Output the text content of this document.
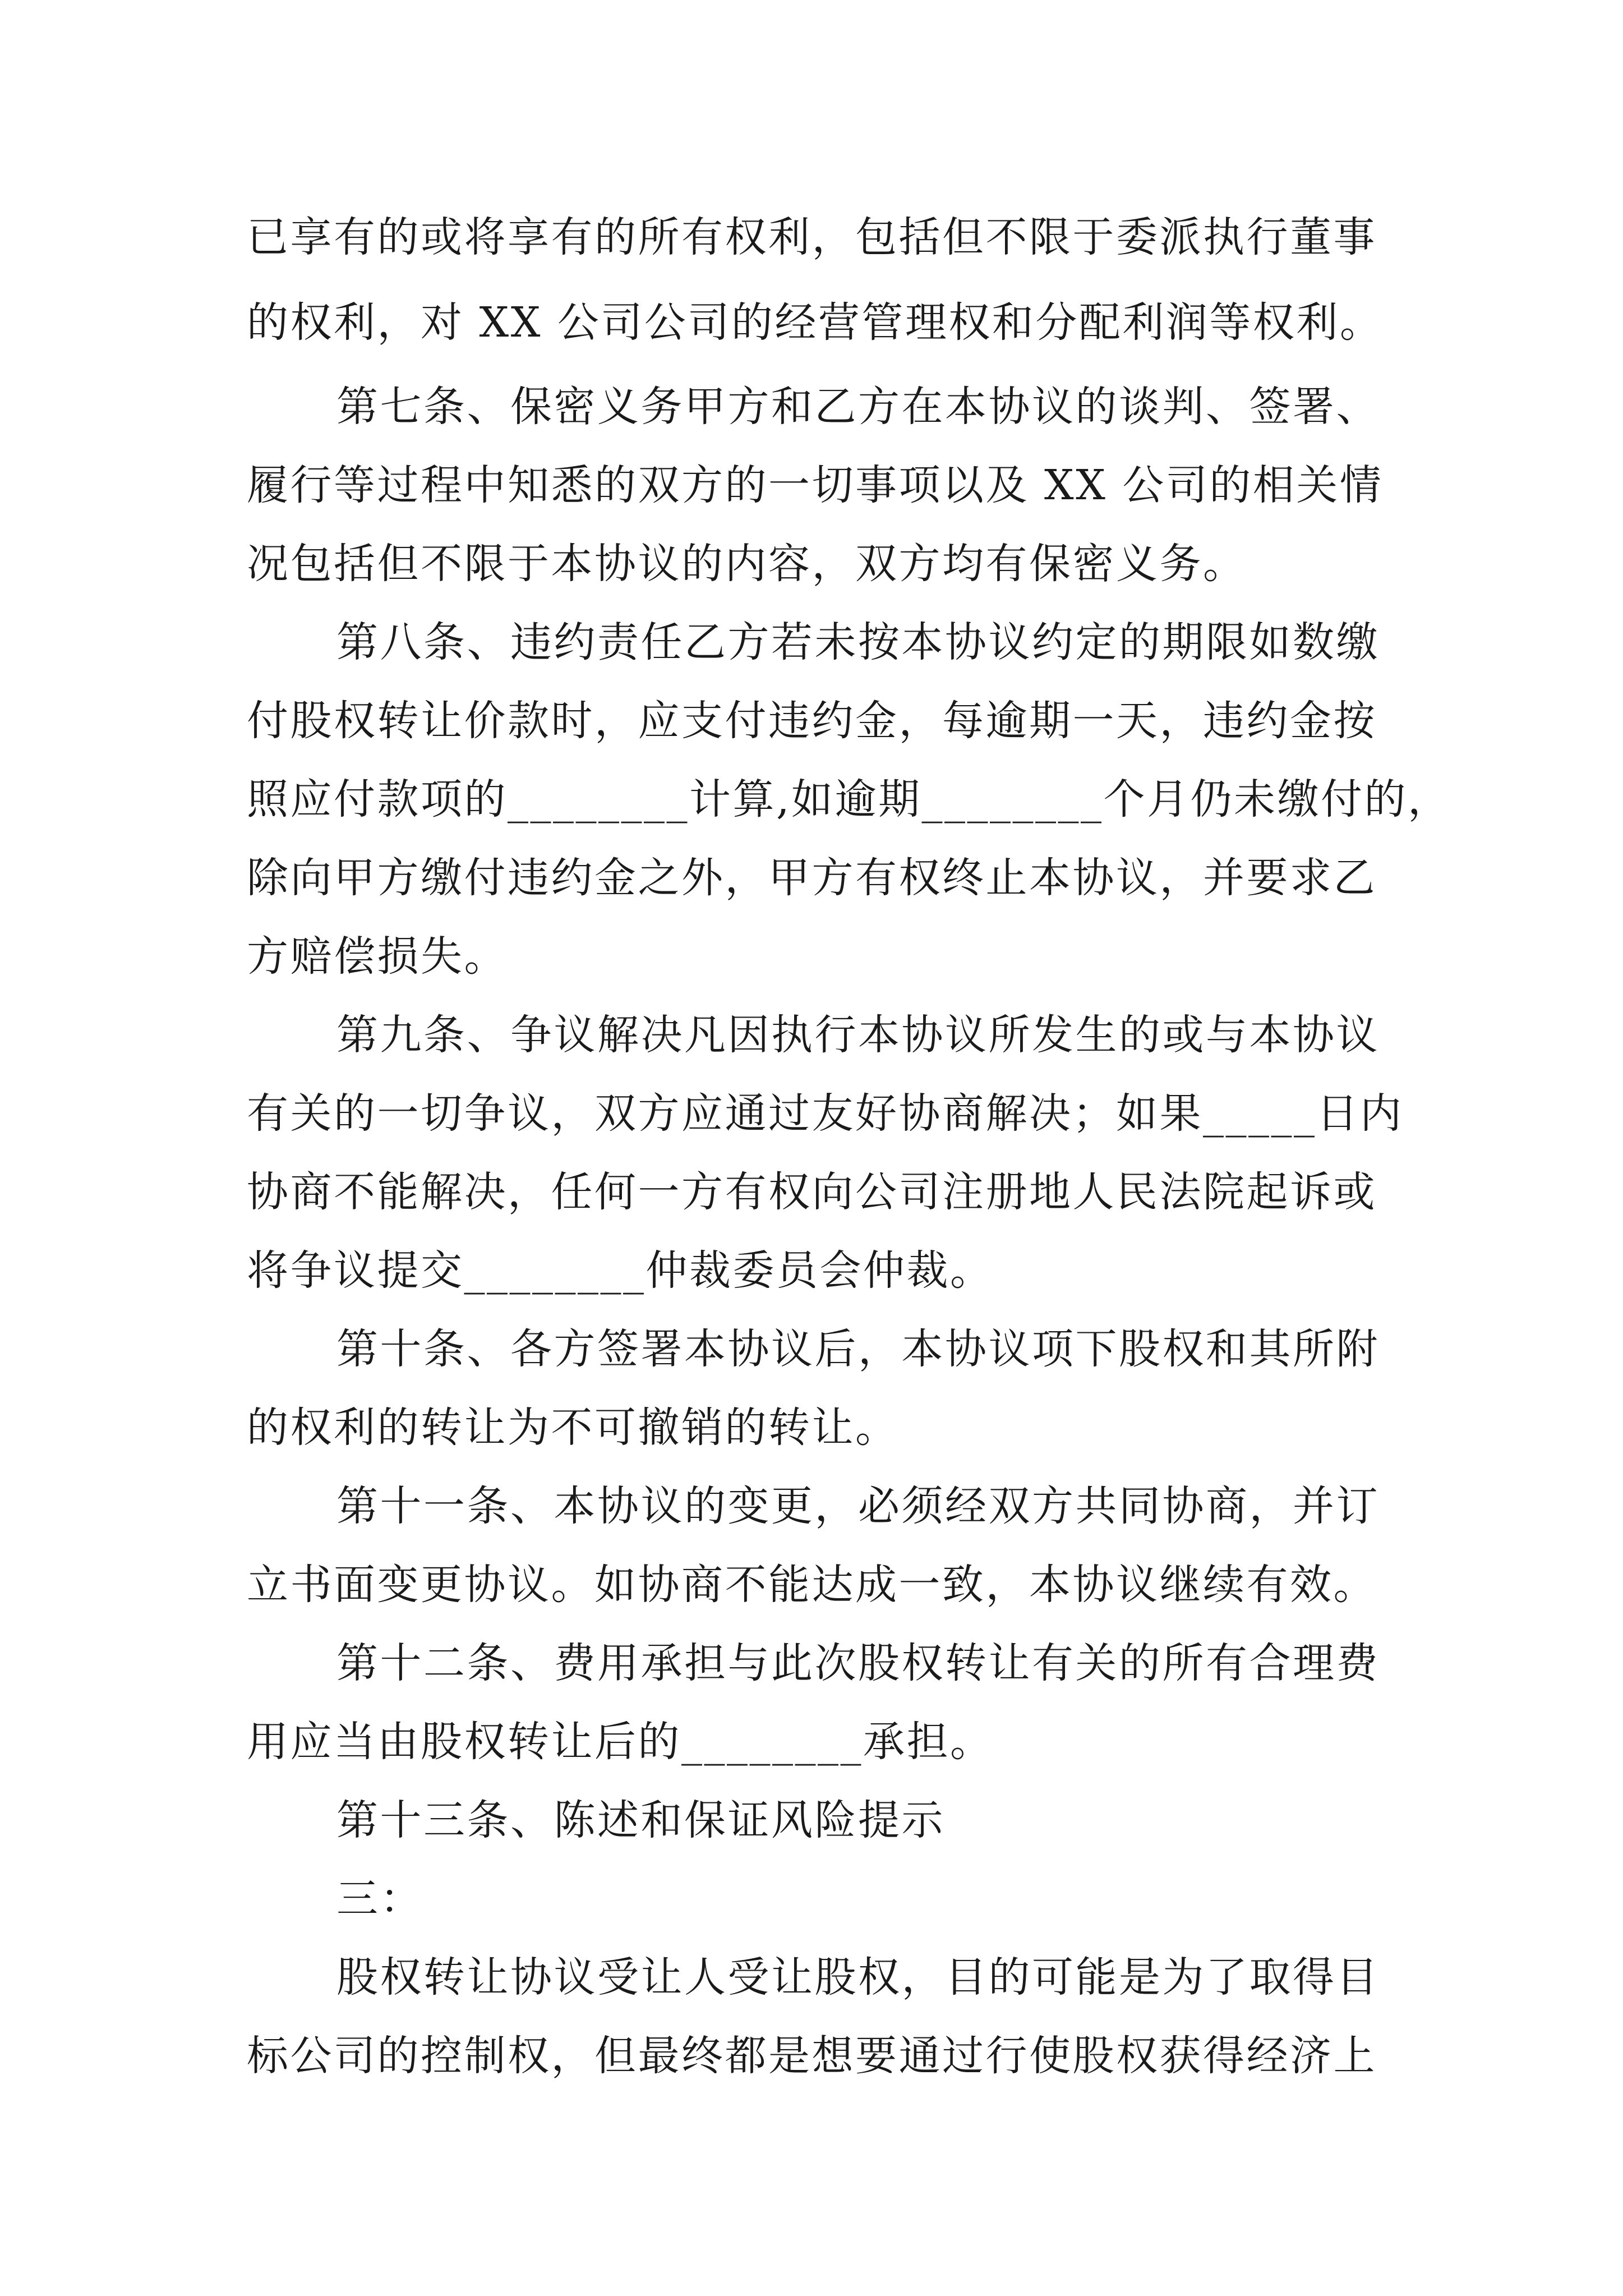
已享有的或将享有的所有权利，包括但不限于委派执行董事
的权利，对 XX 公司公司的经营管理权和分配利润等权利。
第七条、保密义务甲方和乙方在本协议的谈判、签署、
履行等过程中知悉的双方的一切事项以及 XX 公司的相关情
况包括但不限于本协议的内容，双方均有保密义务。
第八条、违约责任乙方若未按本协议约定的期限如数缴
付股权转让价款时，应支付违约金，每逾期一天，违约金按
照应付款项的________计算,如逾期________个月仍未缴付的，
除向甲方缴付违约金之外，甲方有权终止本协议，并要求乙
方赔偿损失。
第九条、争议解决凡因执行本协议所发生的或与本协议
有关的一切争议，双方应通过友好协商解决；如果_____日内
协商不能解决，任何一方有权向公司注册地人民法院起诉或
将争议提交________仲裁委员会仲裁。
第十条、各方签署本协议后，本协议项下股权和其所附
的权利的转让为不可撤销的转让。
第十一条、本协议的变更，必须经双方共同协商，并订
立书面变更协议。如协商不能达成一致，本协议继续有效。
第十二条、费用承担与此次股权转让有关的所有合理费
用应当由股权转让后的________承担。
第十三条、陈述和保证风险提示
三：
股权转让协议受让人受让股权，目的可能是为了取得目
标公司的控制权，但最终都是想要通过行使股权获得经济上
